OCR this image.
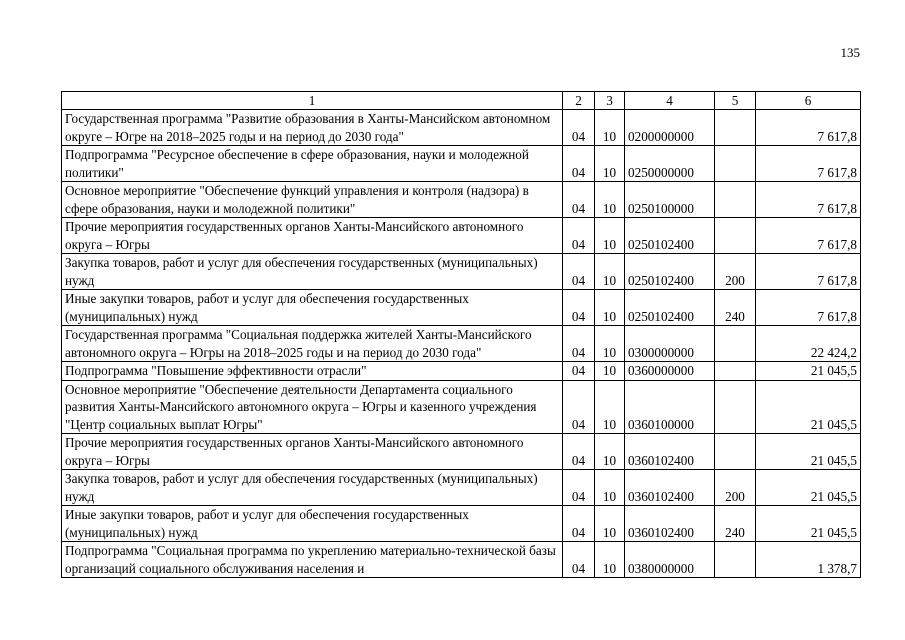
135
1	2	3	4	5	6
Государственная программа "Развитие образования в Ханты-Мансийском автономном округе – Югре на 2018–2025 годы и на период до 2030 года"	04	10	0200000000		7 617,8
Подпрограмма "Ресурсное обеспечение в сфере образования, науки и молодежной политики"	04	10	0250000000		7 617,8
Основное мероприятие "Обеспечение функций управления и контроля (надзора) в сфере образования, науки и молодежной политики"	04	10	0250100000		7 617,8
Прочие мероприятия государственных органов Ханты-Мансийского автономного округа – Югры	04	10	0250102400		7 617,8
Закупка товаров, работ и услуг для обеспечения государственных (муниципальных) нужд	04	10	0250102400	200	7 617,8
Иные закупки товаров, работ и услуг для обеспечения государственных (муниципальных) нужд	04	10	0250102400	240	7 617,8
Государственная программа "Социальная поддержка жителей Ханты-Мансийского автономного округа – Югры на 2018–2025 годы и на период до 2030 года"	04	10	0300000000		22 424,2
Подпрограмма "Повышение эффективности отрасли"	04	10	0360000000		21 045,5
Основное мероприятие "Обеспечение деятельности Департамента социального развития Ханты-Мансийского автономного округа – Югры и казенного учреждения "Центр социальных выплат Югры"	04	10	0360100000		21 045,5
Прочие мероприятия государственных органов Ханты-Мансийского автономного округа – Югры	04	10	0360102400		21 045,5
Закупка товаров, работ и услуг для обеспечения государственных (муниципальных) нужд	04	10	0360102400	200	21 045,5
Иные закупки товаров, работ и услуг для обеспечения государственных (муниципальных) нужд	04	10	0360102400	240	21 045,5
Подпрограмма "Социальная программа по укреплению материально-технической базы организаций социального обслуживания населения и	04	10	0380000000		1 378,7
